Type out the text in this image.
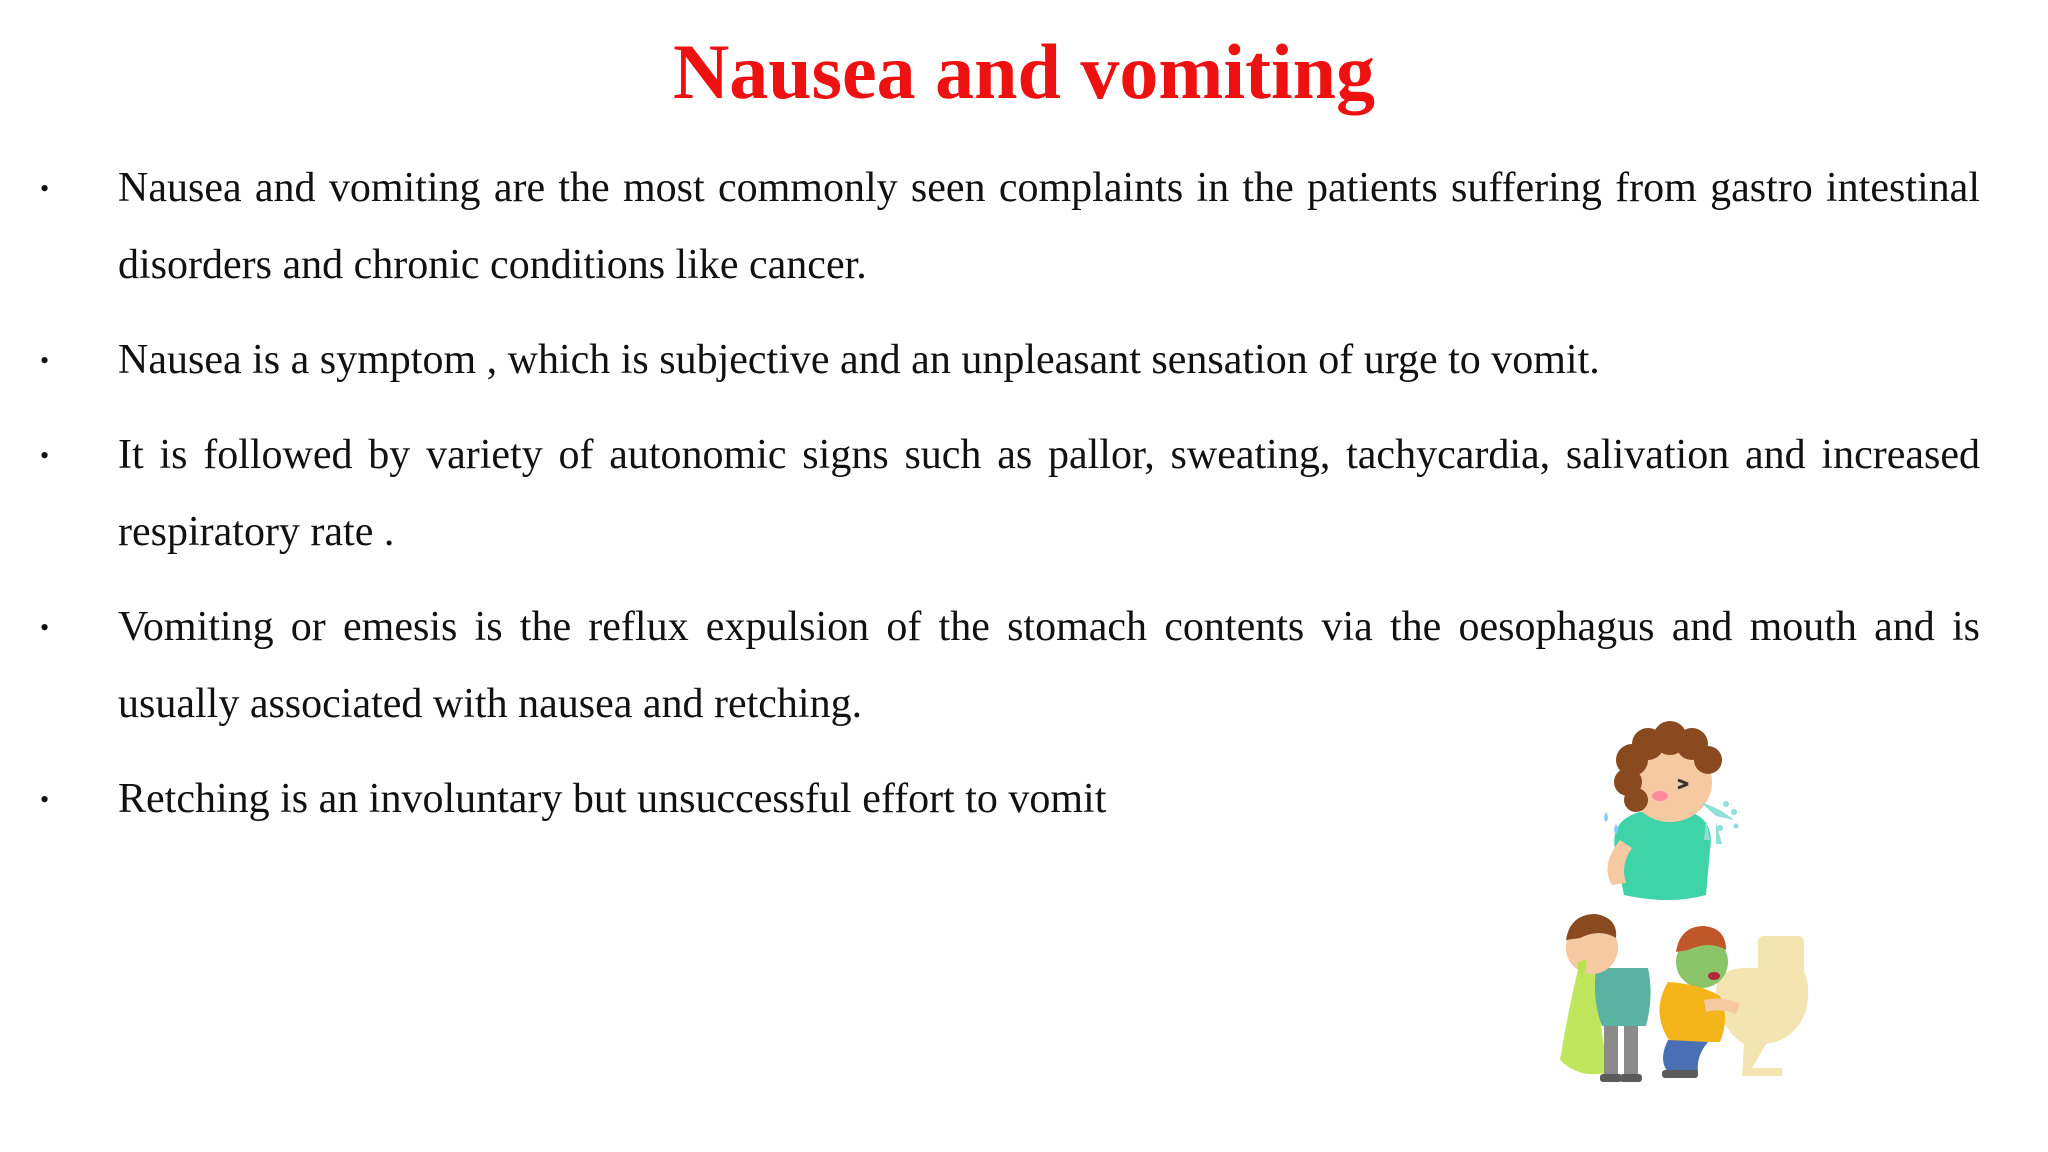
Nausea and vomiting
• Nausea and vomiting are the most commonly seen complaints in the patients suffering from gastro intestinal disorders and chronic conditions like cancer.
• Nausea is a symptom , which is subjective and an unpleasant sensation of urge to vomit.
• It is followed by variety of autonomic signs such as pallor, sweating, tachycardia, salivation and increased respiratory rate .
• Vomiting or emesis is the reflux expulsion of the stomach contents via the oesophagus and mouth and is usually associated with nausea and retching.
• Retching is an involuntary but unsuccessful effort to vomit
